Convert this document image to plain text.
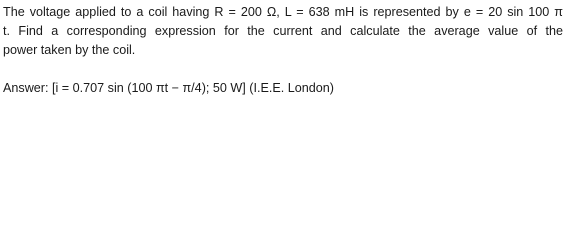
The voltage applied to a coil having R = 200 Ω, L = 638 mH is represented by e = 20 sin 100 π
t. Find a corresponding expression for the current and calculate the average value of the
power taken by the coil.
Answer: [i = 0.707 sin (100 πt − π/4); 50 W] (I.E.E. London)
